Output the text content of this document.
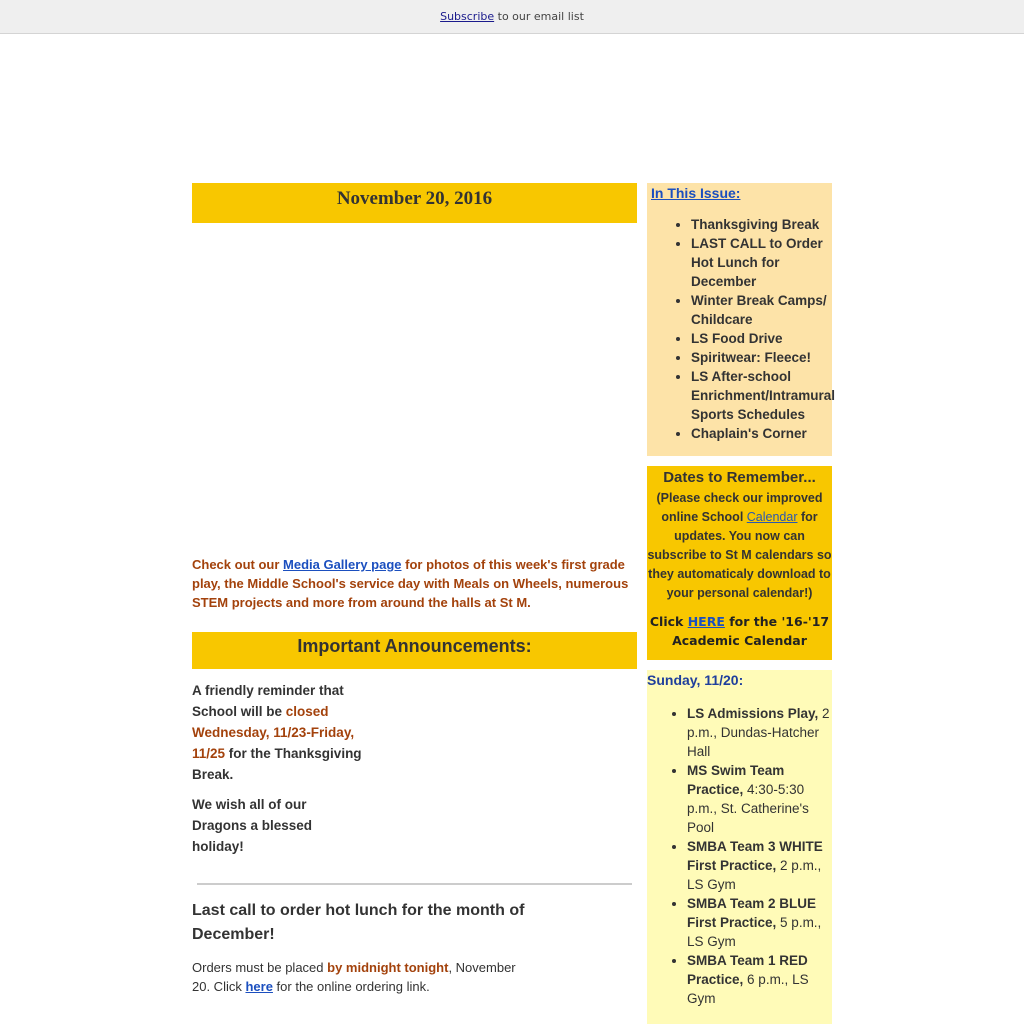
Subscribe to our email list
November 20, 2016
Check out our Media Gallery page for photos of this week's first grade play, the Middle School's service day with Meals on Wheels, numerous STEM projects and more from around the halls at St M.
Important Announcements:

A friendly reminder that School will be closed Wednesday, 11/23-Friday, 11/25 for the Thanksgiving Break.

We wish all of our Dragons a blessed holiday!

Last call to order hot lunch for the month of December!
Orders must be placed by midnight tonight, November 20. Click here for the online ordering link.
In This Issue:
• Thanksgiving Break
• LAST CALL to Order Hot Lunch for December
• Winter Break Camps/ Childcare
• LS Food Drive
• Spiritwear: Fleece!
• LS After-school Enrichment/Intramural Sports Schedules
• Chaplain's Corner
Dates to Remember...

(Please check our improved online School Calendar for updates. You now can subscribe to St M calendars so they automaticaly download to your personal calendar!)

Click HERE for the '16-'17 Academic Calendar

Sunday, 11/20:
• LS Admissions Play, 2 p.m., Dundas-Hatcher Hall
• MS Swim Team Practice, 4:30-5:30 p.m., St. Catherine's Pool
• SMBA Team 3 WHITE First Practice, 2 p.m., LS Gym
• SMBA Team 2 BLUE First Practice, 5 p.m., LS Gym
• SMBA Team 1 RED Practice, 6 p.m., LS Gym
